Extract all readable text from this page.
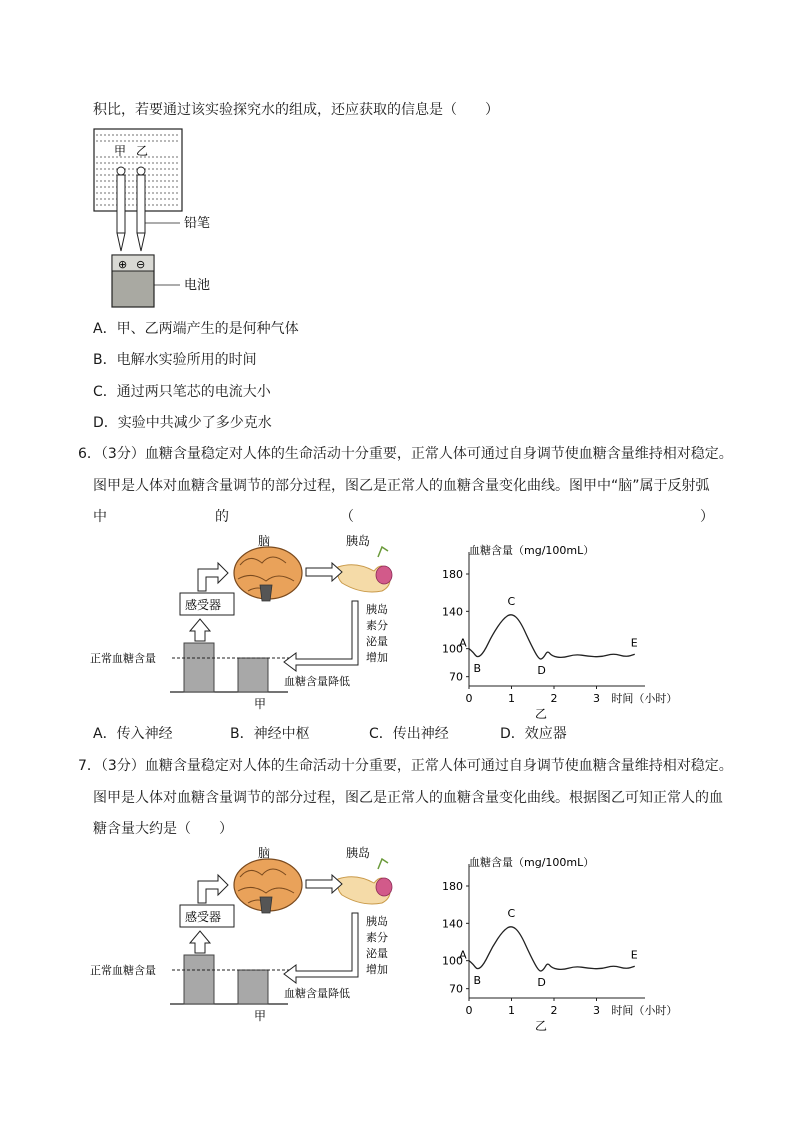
积比，若要通过该实验探究水的组成，还应获取的信息是（　　）
甲 乙
铅笔
⊕ ⊖
电池
A．甲、乙两端产生的是何种气体
B．电解水实验所用的时间
C．通过两只笔芯的电流大小
D．实验中共减少了多少克水
6．（3分）血糖含量稳定对人体的生命活动十分重要，正常人体可通过自身调节使血糖含量维持相对稳定。
图甲是人体对血糖含量调节的部分过程，图乙是正常人的血糖含量变化曲线。图甲中“脑”属于反射弧
中	的	（	）
脑	胰岛
感受器
正常血糖含量
胰岛
素分
泌量
增加
血糖含量降低
甲
血糖含量（mg/100mL）
70
100
140
180
0	1	2	3 时间（小时）
A
B
C
D
E
乙
A．传入神经	B．神经中枢	C．传出神经	D．效应器
7．（3分）血糖含量稳定对人体的生命活动十分重要，正常人体可通过自身调节使血糖含量维持相对稳定。
图甲是人体对血糖含量调节的部分过程，图乙是正常人的血糖含量变化曲线。根据图乙可知正常人的血
糖含量大约是（　　）
脑	胰岛
感受器
正常血糖含量
胰岛
素分
泌量
增加
血糖含量降低
甲
血糖含量（mg/100mL）
70
100
140
180
0	1	2	3 时间（小时）
A
B
C
D
E
乙
